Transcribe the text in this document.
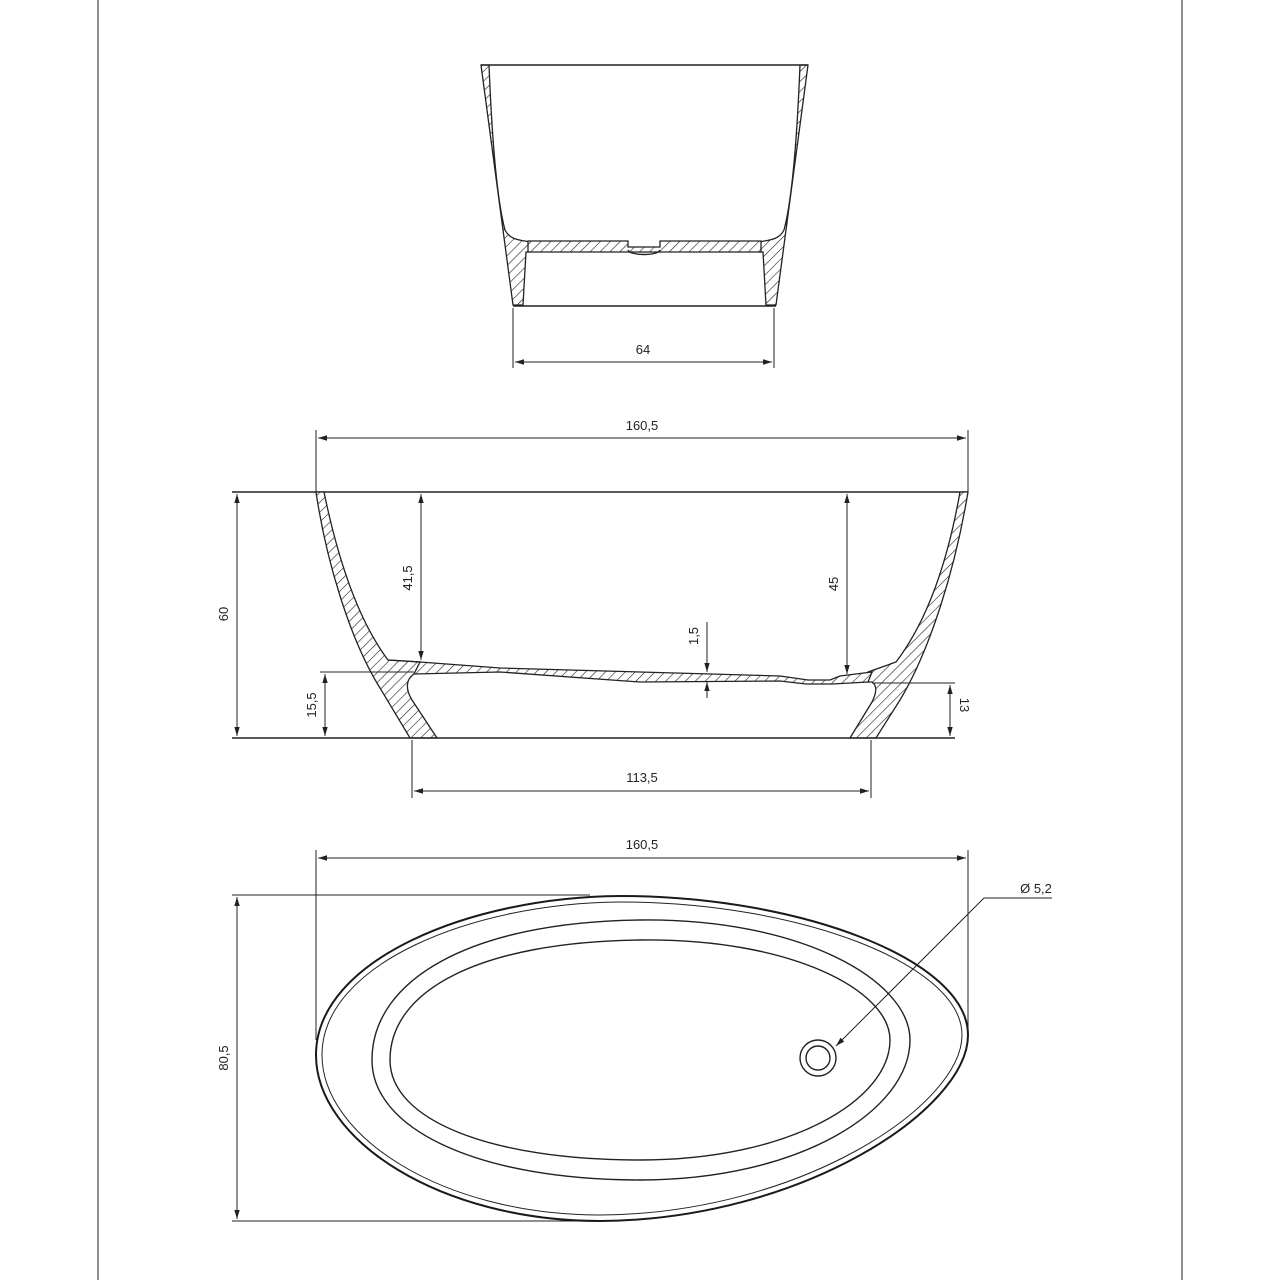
64
160,5
60
41,5	45
1,5
15,5	13
113,5
160,5
80,5
Ø 5,2
